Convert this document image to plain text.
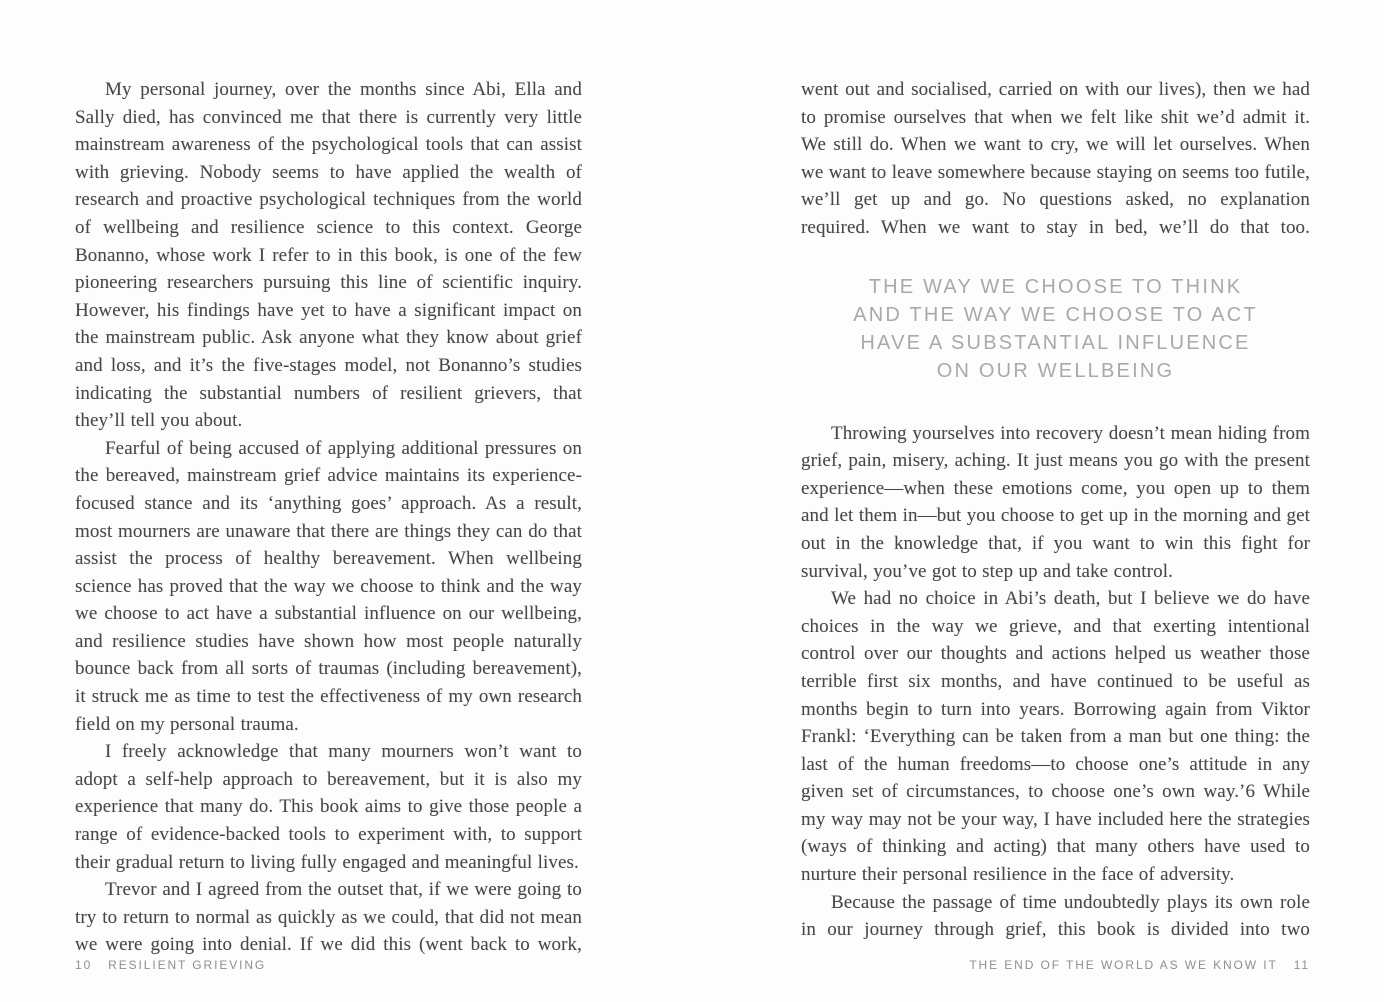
My personal journey, over the months since Abi, Ella and Sally died, has convinced me that there is currently very little mainstream awareness of the psychological tools that can assist with grieving. Nobody seems to have applied the wealth of research and proactive psychological techniques from the world of wellbeing and resilience science to this context. George Bonanno, whose work I refer to in this book, is one of the few pioneering researchers pursuing this line of scientific inquiry. However, his findings have yet to have a significant impact on the mainstream public. Ask anyone what they know about grief and loss, and it’s the five-stages model, not Bonanno’s studies indicating the substantial numbers of resilient grievers, that they’ll tell you about.

Fearful of being accused of applying additional pressures on the bereaved, mainstream grief advice maintains its experience-focused stance and its ‘anything goes’ approach. As a result, most mourners are unaware that there are things they can do that assist the process of healthy bereavement. When wellbeing science has proved that the way we choose to think and the way we choose to act have a substantial influence on our wellbeing, and resilience studies have shown how most people naturally bounce back from all sorts of traumas (including bereavement), it struck me as time to test the effectiveness of my own research field on my personal trauma.

I freely acknowledge that many mourners won’t want to adopt a self-help approach to bereavement, but it is also my experience that many do. This book aims to give those people a range of evidence-backed tools to experiment with, to support their gradual return to living fully engaged and meaningful lives.

Trevor and I agreed from the outset that, if we were going to try to return to normal as quickly as we could, that did not mean we were going into denial. If we did this (went back to work,

went out and socialised, carried on with our lives), then we had to promise ourselves that when we felt like shit we’d admit it. We still do. When we want to cry, we will let ourselves. When we want to leave somewhere because staying on seems too futile, we’ll get up and go. No questions asked, no explanation required. When we want to stay in bed, we’ll do that too.

THE WAY WE CHOOSE TO THINK
AND THE WAY WE CHOOSE TO ACT
HAVE A SUBSTANTIAL INFLUENCE
ON OUR WELLBEING

Throwing yourselves into recovery doesn’t mean hiding from grief, pain, misery, aching. It just means you go with the present experience—when these emotions come, you open up to them and let them in—but you choose to get up in the morning and get out in the knowledge that, if you want to win this fight for survival, you’ve got to step up and take control.

We had no choice in Abi’s death, but I believe we do have choices in the way we grieve, and that exerting intentional control over our thoughts and actions helped us weather those terrible first six months, and have continued to be useful as months begin to turn into years. Borrowing again from Viktor Frankl: ‘Everything can be taken from a man but one thing: the last of the human freedoms—to choose one’s attitude in any given set of circumstances, to choose one’s own way.’6 While my way may not be your way, I have included here the strategies (ways of thinking and acting) that many others have used to nurture their personal resilience in the face of adversity.

Because the passage of time undoubtedly plays its own role in our journey through grief, this book is divided into two

10 RESILIENT GRIEVING	THE END OF THE WORLD AS WE KNOW IT 11
